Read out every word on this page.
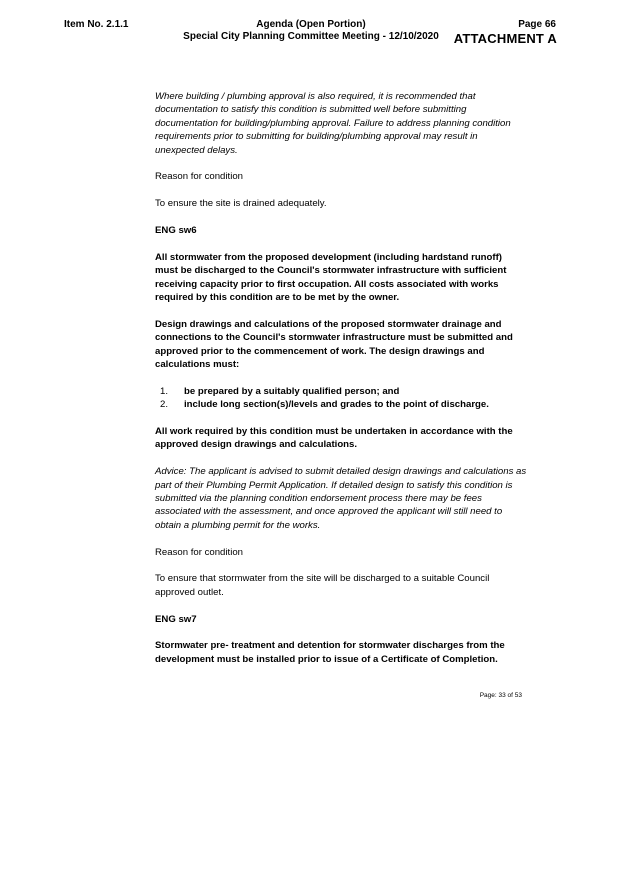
Item No. 2.1.1	Agenda (Open Portion)
Special City Planning Committee Meeting - 12/10/2020
Page 66
ATTACHMENT A

Where building / plumbing approval is also required, it is recommended that documentation to satisfy this condition is submitted well before submitting documentation for building/plumbing approval. Failure to address planning condition requirements prior to submitting for building/plumbing approval may result in unexpected delays.

Reason for condition

To ensure the site is drained adequately.

ENG sw6

All stormwater from the proposed development (including hardstand runoff) must be discharged to the Council's stormwater infrastructure with sufficient receiving capacity prior to first occupation. All costs associated with works required by this condition are to be met by the owner.

Design drawings and calculations of the proposed stormwater drainage and connections to the Council's stormwater infrastructure must be submitted and approved prior to the commencement of work. The design drawings and calculations must:

1.	be prepared by a suitably qualified person; and
2.	include long section(s)/levels and grades to the point of discharge.

All work required by this condition must be undertaken in accordance with the approved design drawings and calculations.

Advice: The applicant is advised to submit detailed design drawings and calculations as part of their Plumbing Permit Application. If detailed design to satisfy this condition is submitted via the planning condition endorsement process there may be fees associated with the assessment, and once approved the applicant will still need to obtain a plumbing permit for the works.

Reason for condition

To ensure that stormwater from the site will be discharged to a suitable Council approved outlet.

ENG sw7

Stormwater pre- treatment and detention for stormwater discharges from the development must be installed prior to issue of a Certificate of Completion.

Page: 33 of 53
